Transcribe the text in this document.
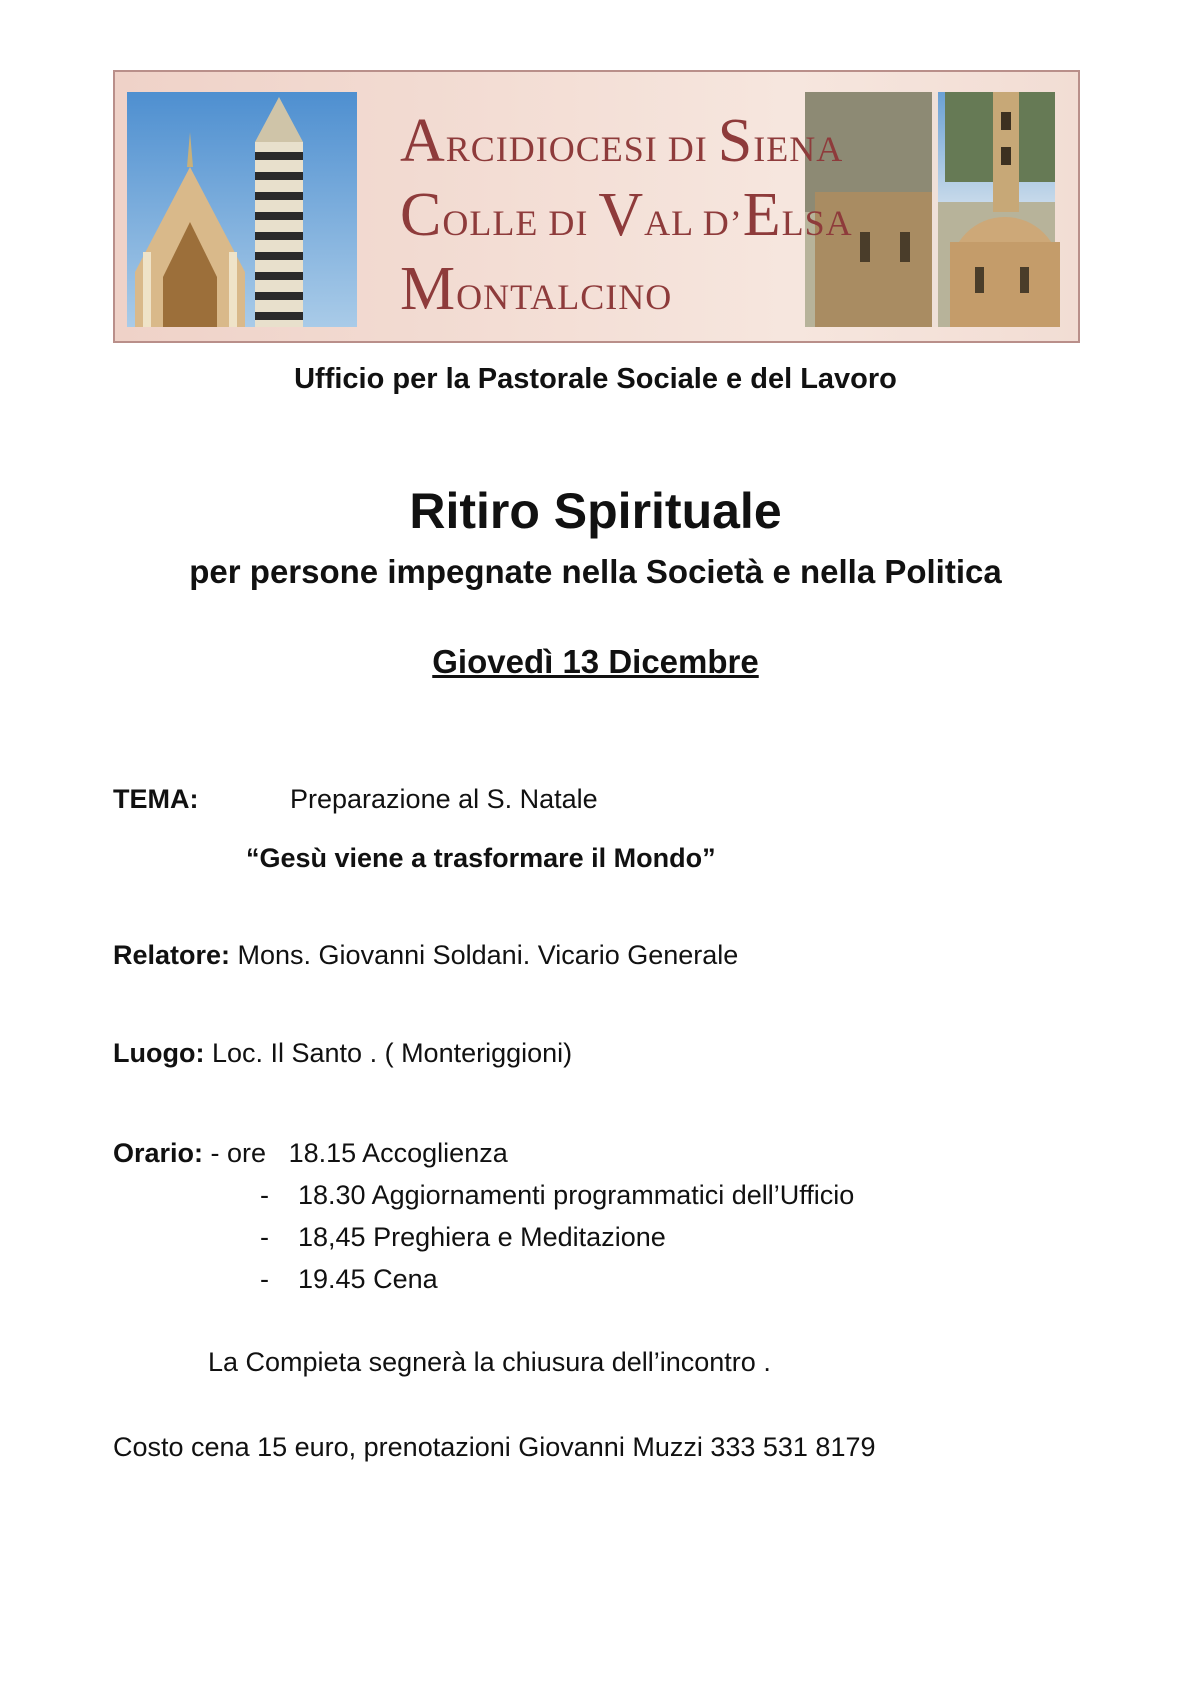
ARCIDIOCESI DI SIENA
COLLE DI VAL D’ELSA
MONTALCINO
Ufficio per la Pastorale Sociale e del Lavoro
Ritiro Spirituale
per persone impegnate nella Società e nella Politica
Giovedì 13 Dicembre
TEMA:	Preparazione al S. Natale
“Gesù viene a trasformare il Mondo”
Relatore: Mons. Giovanni Soldani. Vicario Generale
Luogo: Loc. Il Santo . ( Monteriggioni)
Orario: - ore   18.15 Accoglienza
- 18.30 Aggiornamenti programmatici dell’Ufficio
- 18,45 Preghiera e Meditazione
- 19.45 Cena
La Compieta segnerà la chiusura dell’incontro .
Costo cena 15 euro, prenotazioni Giovanni Muzzi 333 531 8179
